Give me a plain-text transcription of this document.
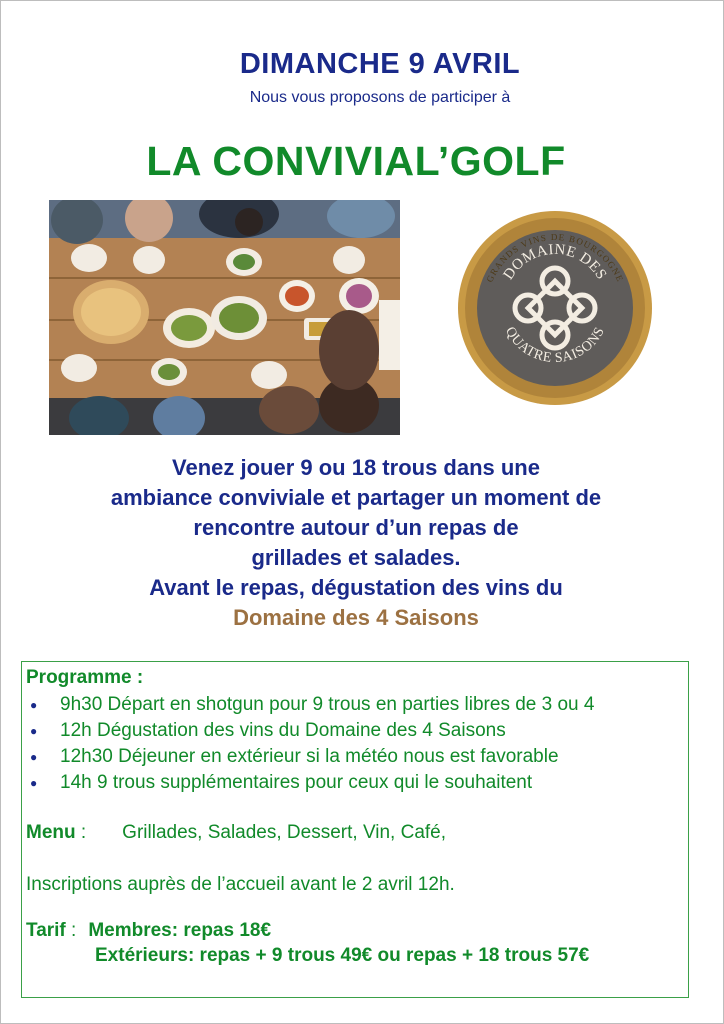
DIMANCHE 9 AVRIL
Nous vous proposons de participer à
LA CONVIVIAL’GOLF
GRANDS VINS DE BOURGOGNE
DOMAINE DES
QUATRE SAISONS
Venez jouer 9 ou 18 trous dans une
ambiance conviviale et partager un moment de
rencontre autour d’un repas de
grillades et salades.
Avant le repas, dégustation des vins du
Domaine des 4 Saisons
Programme :
● 9h30 Départ en shotgun pour 9 trous en parties libres de 3 ou 4
● 12h Dégustation des vins du Domaine des 4 Saisons
● 12h30 Déjeuner en extérieur si la météo nous est favorable
● 14h 9 trous supplémentaires pour ceux qui le souhaitent
Menu : Grillades, Salades, Dessert, Vin, Café,
Inscriptions auprès de l’accueil avant le 2 avril 12h.
Tarif : Membres: repas 18€
Extérieurs: repas + 9 trous 49€ ou repas + 18 trous 57€
